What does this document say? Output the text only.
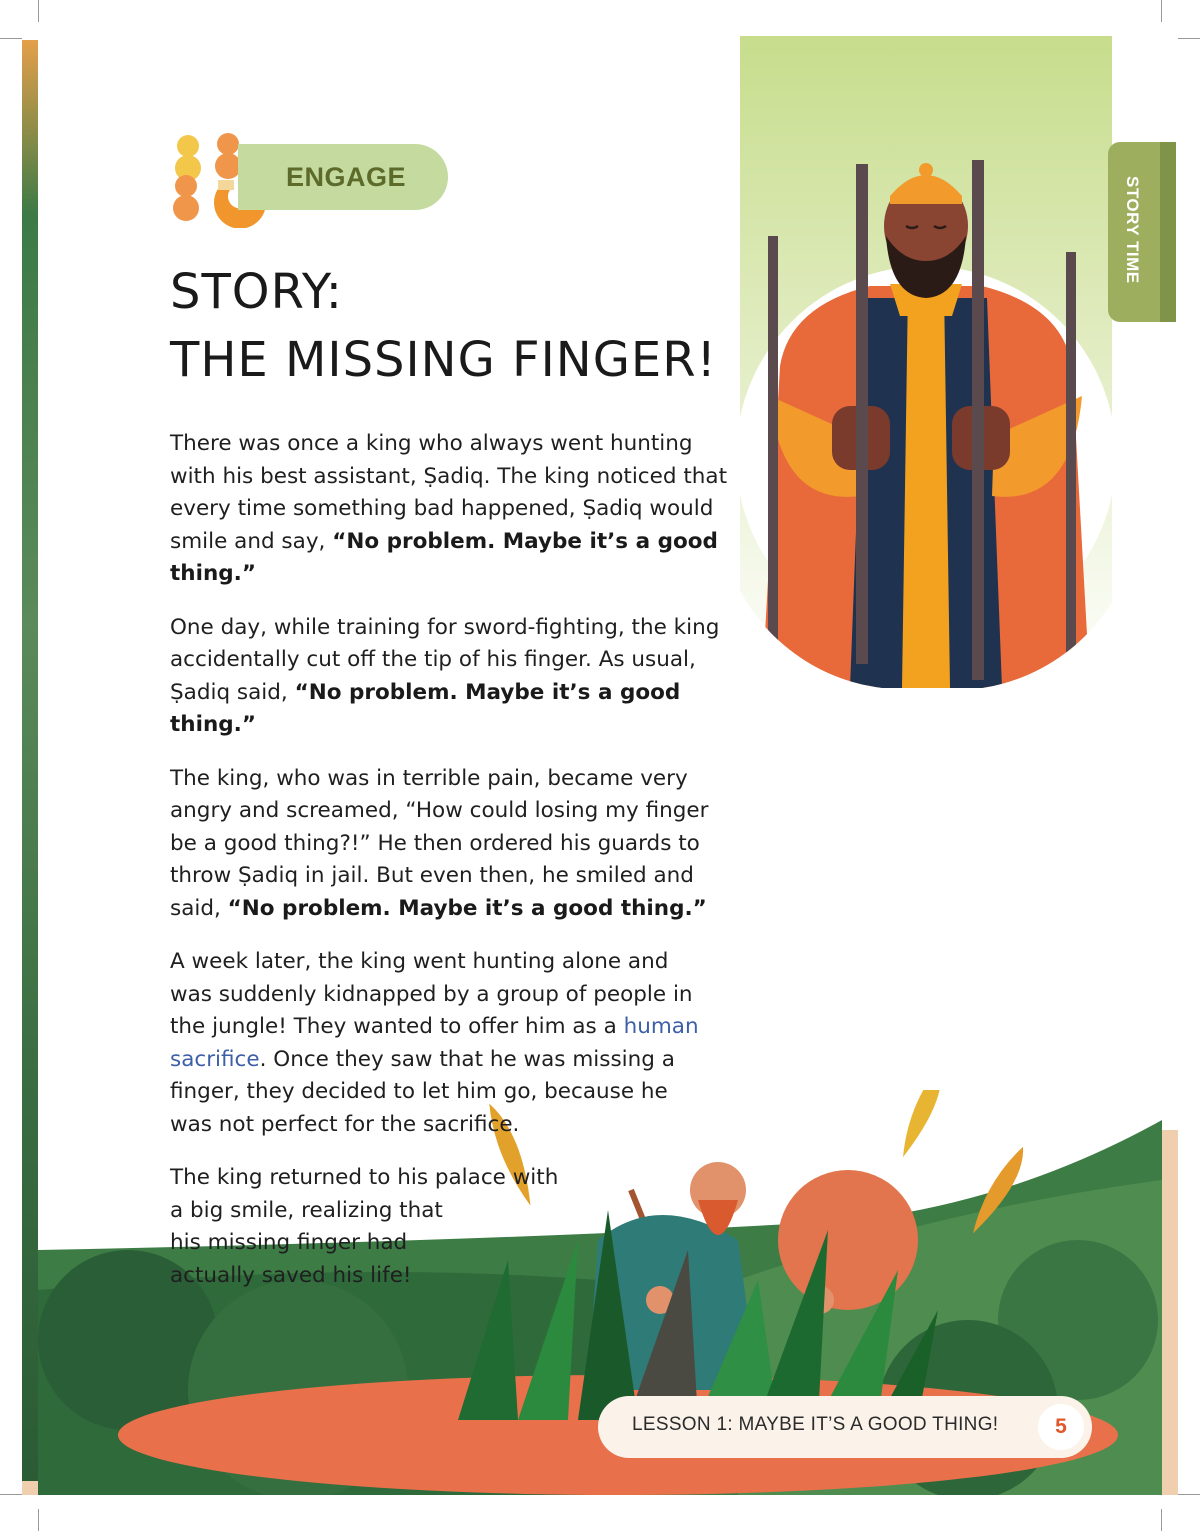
STORY TIME
ENGAGE
STORY:
THE MISSING FINGER!

There was once a king who always went hunting with his best assistant, Ṣadiq. The king noticed that every time something bad happened, Ṣadiq would smile and say, “No problem. Maybe it’s a good thing.”

One day, while training for sword-fighting, the king accidentally cut off the tip of his finger. As usual, Ṣadiq said, “No problem. Maybe it’s a good thing.”

The king, who was in terrible pain, became very angry and screamed, “How could losing my finger be a good thing?!” He then ordered his guards to throw Ṣadiq in jail. But even then, he smiled and said, “No problem. Maybe it’s a good thing.”

A week later, the king went hunting alone and was suddenly kidnapped by a group of people in the jungle! They wanted to offer him as a human sacrifice. Once they saw that he was missing a finger, they decided to let him go, because he was not perfect for the sacrifice.

The king returned to his palace with
a big smile, realizing that
his missing finger had
actually saved his life!

LESSON 1: MAYBE IT’S A GOOD THING!	5
